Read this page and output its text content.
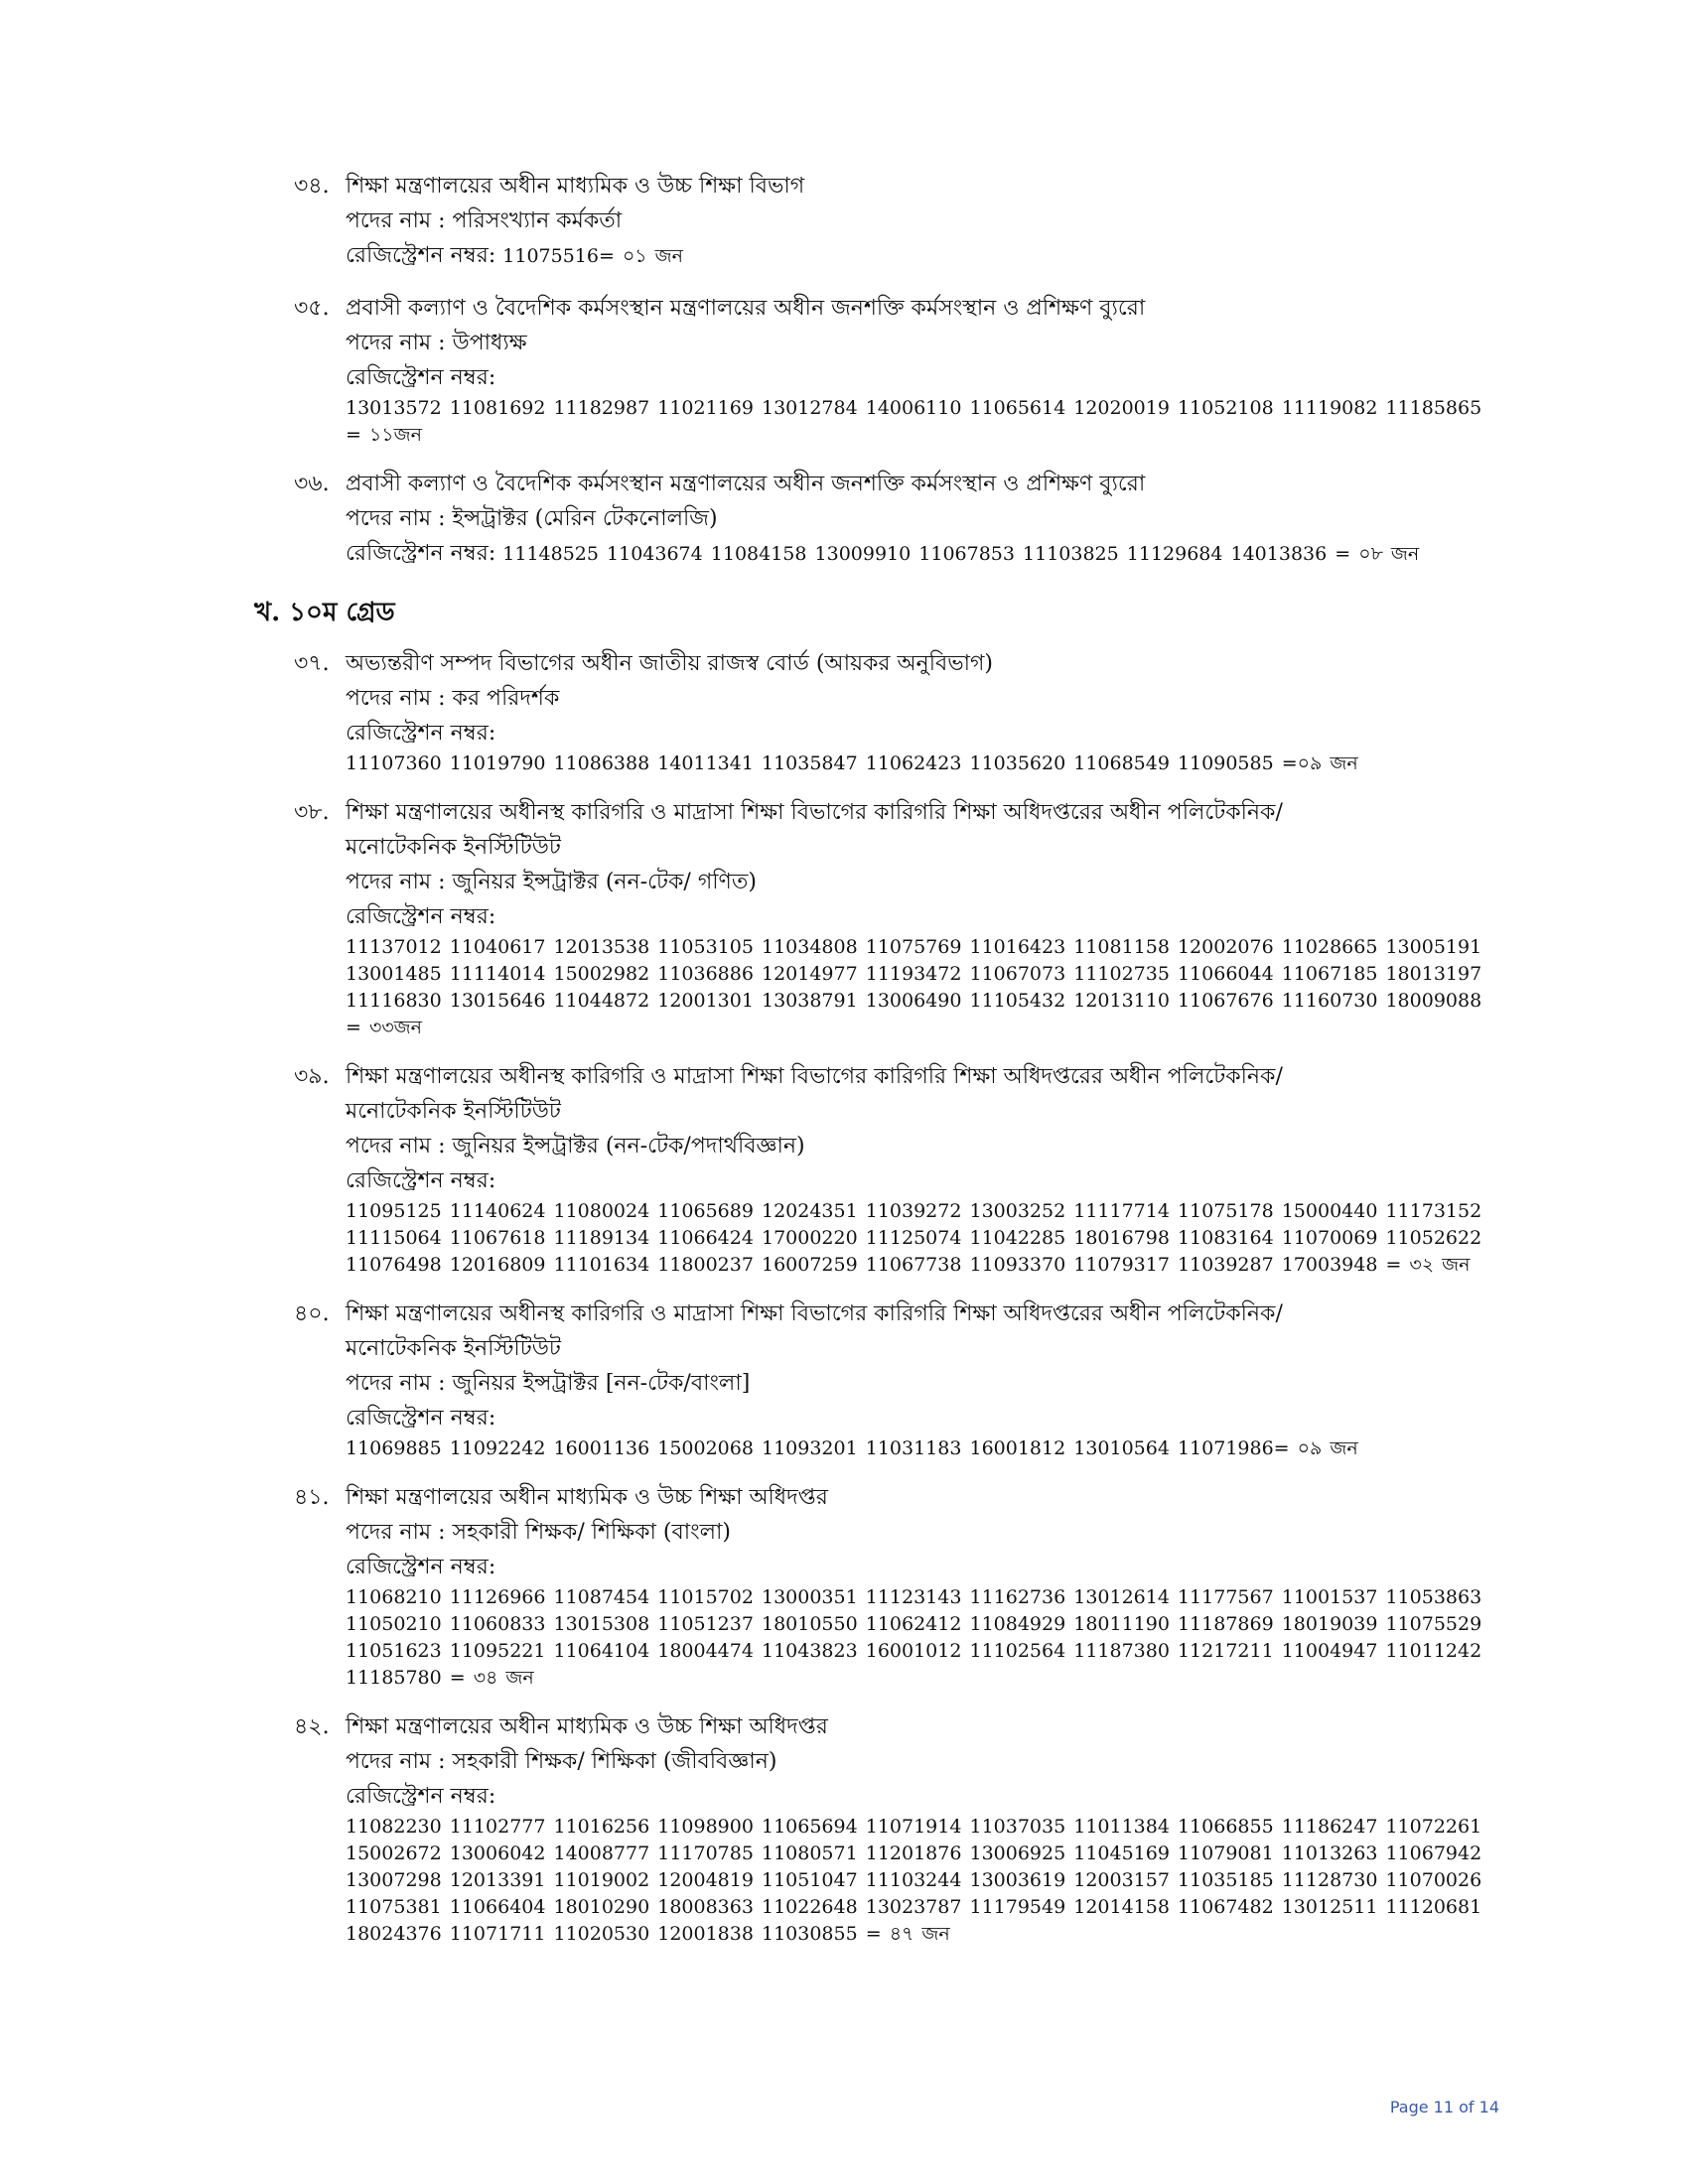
৩৪. শিক্ষা মন্ত্রণালয়ের অধীন মাধ্যমিক ও উচ্চ শিক্ষা বিভাগ
পদের নাম : পরিসংখ্যান কর্মকর্তা
রেজিস্ট্রেশন নম্বর: 11075516= ০১ জন
৩৫. প্রবাসী কল্যাণ ও বৈদেশিক কর্মসংস্থান মন্ত্রণালয়ের অধীন জনশক্তি কর্মসংস্থান ও প্রশিক্ষণ ব্যুরো
পদের নাম : উপাধ্যক্ষ
রেজিস্ট্রেশন নম্বর:
13013572 11081692 11182987 11021169 13012784 14006110 11065614 12020019 11052108 11119082 11185865
= ১১জন
৩৬. প্রবাসী কল্যাণ ও বৈদেশিক কর্মসংস্থান মন্ত্রণালয়ের অধীন জনশক্তি কর্মসংস্থান ও প্রশিক্ষণ ব্যুরো
পদের নাম : ইন্সট্রাক্টর (মেরিন টেকনোলজি)
রেজিস্ট্রেশন নম্বর: 11148525 11043674 11084158 13009910 11067853 11103825 11129684 14013836 = ০৮ জন
খ. ১০ম গ্রেড
৩৭. অভ্যন্তরীণ সম্পদ বিভাগের অধীন জাতীয় রাজস্ব বোর্ড (আয়কর অনুবিভাগ)
পদের নাম : কর পরিদর্শক
রেজিস্ট্রেশন নম্বর:
11107360 11019790 11086388 14011341 11035847 11062423 11035620 11068549 11090585 =০৯ জন
৩৮. শিক্ষা মন্ত্রণালয়ের অধীনস্থ কারিগরি ও মাদ্রাসা শিক্ষা বিভাগের কারিগরি শিক্ষা অধিদপ্তরের অধীন পলিটেকনিক/
মনোটেকনিক ইনস্টিটিউট
পদের নাম : জুনিয়র ইন্সট্রাক্টর (নন-টেক/ গণিত)
রেজিস্ট্রেশন নম্বর:
11137012 11040617 12013538 11053105 11034808 11075769 11016423 11081158 12002076 11028665 13005191
13001485 11114014 15002982 11036886 12014977 11193472 11067073 11102735 11066044 11067185 18013197
11116830 13015646 11044872 12001301 13038791 13006490 11105432 12013110 11067676 11160730 18009088
= ৩৩জন
৩৯. শিক্ষা মন্ত্রণালয়ের অধীনস্থ কারিগরি ও মাদ্রাসা শিক্ষা বিভাগের কারিগরি শিক্ষা অধিদপ্তরের অধীন পলিটেকনিক/
মনোটেকনিক ইনস্টিটিউট
পদের নাম : জুনিয়র ইন্সট্রাক্টর (নন-টেক/পদার্থবিজ্ঞান)
রেজিস্ট্রেশন নম্বর:
11095125 11140624 11080024 11065689 12024351 11039272 13003252 11117714 11075178 15000440 11173152
11115064 11067618 11189134 11066424 17000220 11125074 11042285 18016798 11083164 11070069 11052622
11076498 12016809 11101634 11800237 16007259 11067738 11093370 11079317 11039287 17003948 = ৩২ জন
৪০. শিক্ষা মন্ত্রণালয়ের অধীনস্থ কারিগরি ও মাদ্রাসা শিক্ষা বিভাগের কারিগরি শিক্ষা অধিদপ্তরের অধীন পলিটেকনিক/
মনোটেকনিক ইনস্টিটিউট
পদের নাম : জুনিয়র ইন্সট্রাক্টর [নন-টেক/বাংলা]
রেজিস্ট্রেশন নম্বর:
11069885 11092242 16001136 15002068 11093201 11031183 16001812 13010564 11071986= ০৯ জন
৪১. শিক্ষা মন্ত্রণালয়ের অধীন মাধ্যমিক ও উচ্চ শিক্ষা অধিদপ্তর
পদের নাম : সহকারী শিক্ষক/ শিক্ষিকা (বাংলা)
রেজিস্ট্রেশন নম্বর:
11068210 11126966 11087454 11015702 13000351 11123143 11162736 13012614 11177567 11001537 11053863
11050210 11060833 13015308 11051237 18010550 11062412 11084929 18011190 11187869 18019039 11075529
11051623 11095221 11064104 18004474 11043823 16001012 11102564 11187380 11217211 11004947 11011242
11185780 = ৩৪ জন
৪২. শিক্ষা মন্ত্রণালয়ের অধীন মাধ্যমিক ও উচ্চ শিক্ষা অধিদপ্তর
পদের নাম : সহকারী শিক্ষক/ শিক্ষিকা (জীববিজ্ঞান)
রেজিস্ট্রেশন নম্বর:
11082230 11102777 11016256 11098900 11065694 11071914 11037035 11011384 11066855 11186247 11072261
15002672 13006042 14008777 11170785 11080571 11201876 13006925 11045169 11079081 11013263 11067942
13007298 12013391 11019002 12004819 11051047 11103244 13003619 12003157 11035185 11128730 11070026
11075381 11066404 18010290 18008363 11022648 13023787 11179549 12014158 11067482 13012511 11120681
18024376 11071711 11020530 12001838 11030855 = ৪৭ জন
Page 11 of 14
